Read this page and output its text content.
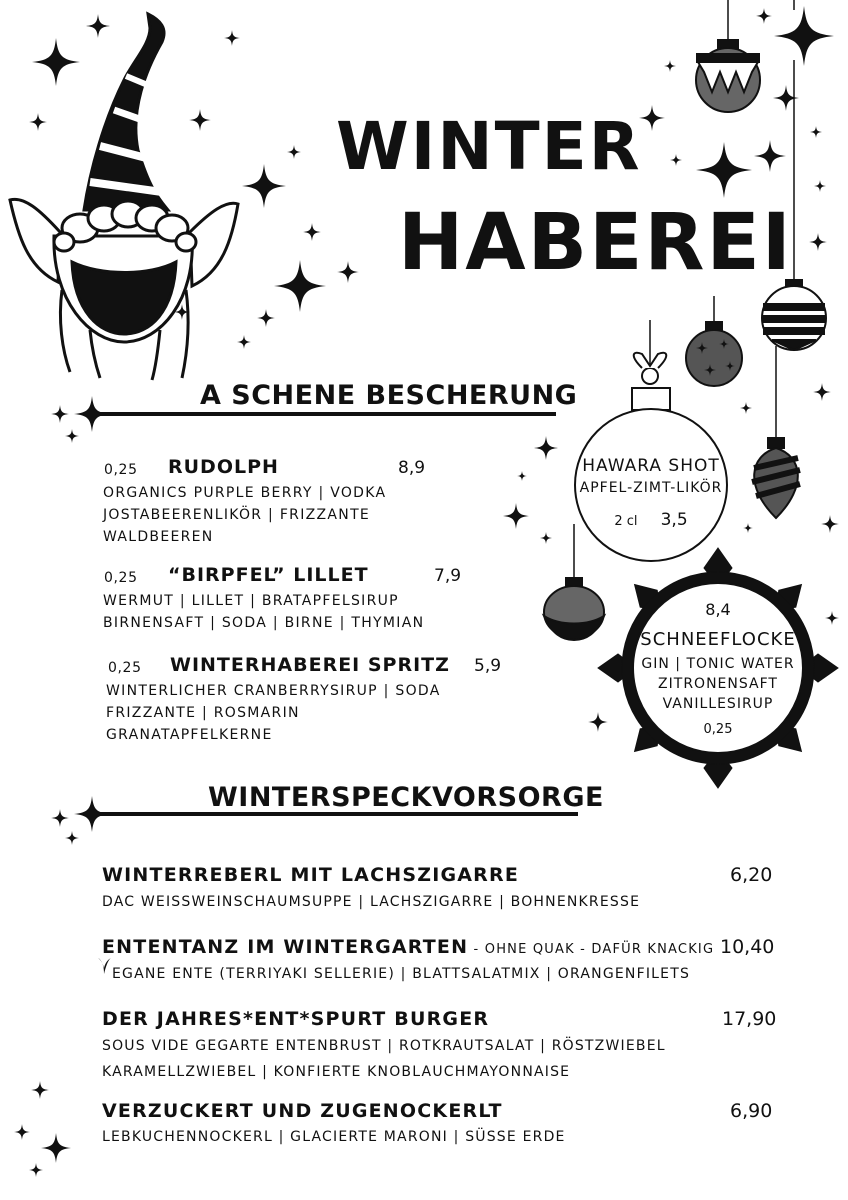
WINTER
HABEREI
A SCHENE BESCHERUNG
0,25 RUDOLPH	8,9
ORGANICS PURPLE BERRY | VODKA
JOSTABEERENLIKÖR | FRIZZANTE
WALDBEEREN
0,25 “BIRPFEL” LILLET	7,9
WERMUT | LILLET | BRATAPFELSIRUP
BIRNENSAFT | SODA | BIRNE | THYMIAN
0,25 WINTERHABEREI SPRITZ 5,9
WINTERLICHER CRANBERRYSIRUP | SODA
FRIZZANTE | ROSMARIN
GRANATAPFELKERNE
HAWARA SHOT
APFEL-ZIMT-LIKÖR
2 cl 3,5
8,4
SCHNEEFLOCKE
GIN | TONIC WATER
ZITRONENSAFT
VANILLESIRUP
0,25
WINTERSPECKVORSORGE
WINTERREBERL MIT LACHSZIGARRE	6,20
DAC WEISSWEINSCHAUMSUPPE | LACHSZIGARRE | BOHNENKRESSE
ENTENTANZ IM WINTERGARTEN - OHNE QUAK - DAFÜR KNACKIG 10,40
EGANE ENTE (TERRIYAKI SELLERIE) | BLATTSALATMIX | ORANGENFILETS
DER JAHRES*ENT*SPURT BURGER	17,90
SOUS VIDE GEGARTE ENTENBRUST | ROTKRAUTSALAT | RÖSTZWIEBEL
KARAMELLZWIEBEL | KONFIERTE KNOBLAUCHMAYONNAISE
VERZUCKERT UND ZUGENOCKERLT	6,90
LEBKUCHENNOCKERL | GLACIERTE MARONI | SÜSSE ERDE
